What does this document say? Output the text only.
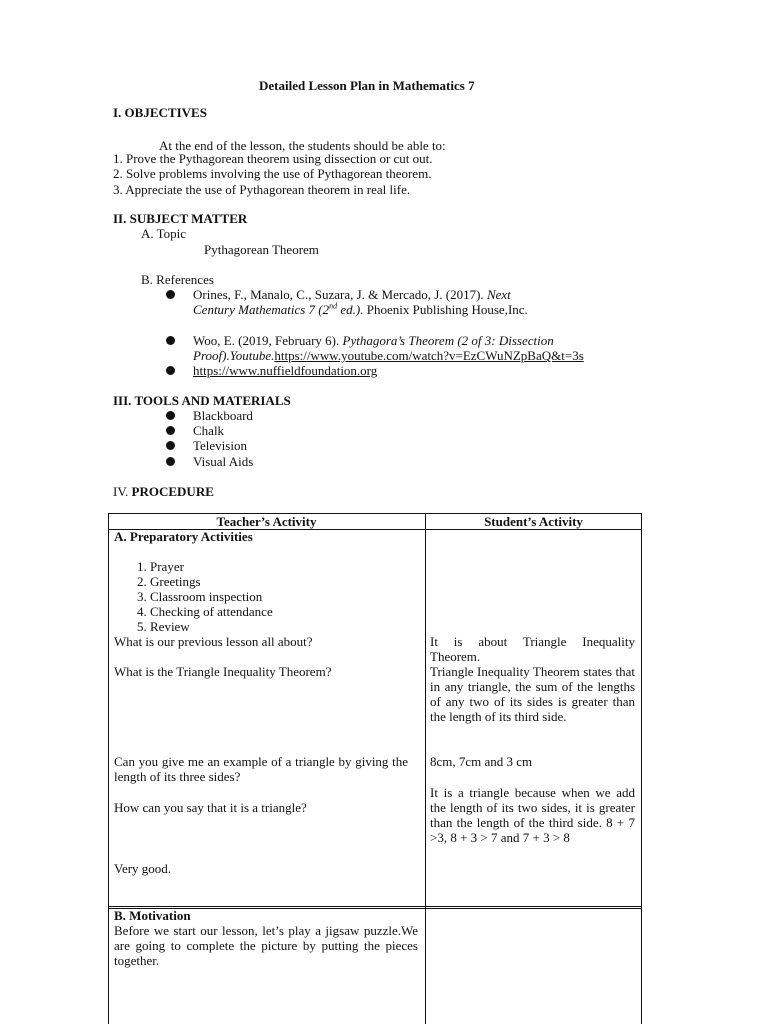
Detailed Lesson Plan in Mathematics 7
I. OBJECTIVES
At the end of the lesson, the students should be able to:
1. Prove the Pythagorean theorem using dissection or cut out.
2. Solve problems involving the use of Pythagorean theorem.
3. Appreciate the use of Pythagorean theorem in real life.
II. SUBJECT MATTER
A. Topic
Pythagorean Theorem
B. References
Orines, F., Manalo, C., Suzara, J. & Mercado, J. (2017). Next
Century Mathematics 7 (2nd ed.). Phoenix Publishing House,Inc.
Woo, E. (2019, February 6). Pythagora’s Theorem (2 of 3: Dissection
Proof).Youtube.https://www.youtube.com/watch?v=EzCWuNZpBaQ&t=3s
https://www.nuffieldfoundation.org
III. TOOLS AND MATERIALS
Blackboard
Chalk
Television
Visual Aids
IV. PROCEDURE
Teacher’s Activity	Student’s Activity
A. Preparatory Activities
1. Prayer
2. Greetings
3. Classroom inspection
4. Checking of attendance
5. Review
What is our previous lesson all about?
What is the Triangle Inequality Theorem?
Can you give me an example of a triangle by giving the length of its three sides?
How can you say that it is a triangle?
Very good.
It is about Triangle Inequality Theorem.
Triangle Inequality Theorem states that in any triangle, the sum of the lengths of any two of its sides is greater than the length of its third side.
8cm, 7cm and 3 cm
It is a triangle because when we add the length of its two sides, it is greater than the length of the third side. 8 + 7 >3, 8 + 3 > 7 and 7 + 3 > 8
B. Motivation
Before we start our lesson, let’s play a jigsaw puzzle.We are going to complete the picture by putting the pieces together.
